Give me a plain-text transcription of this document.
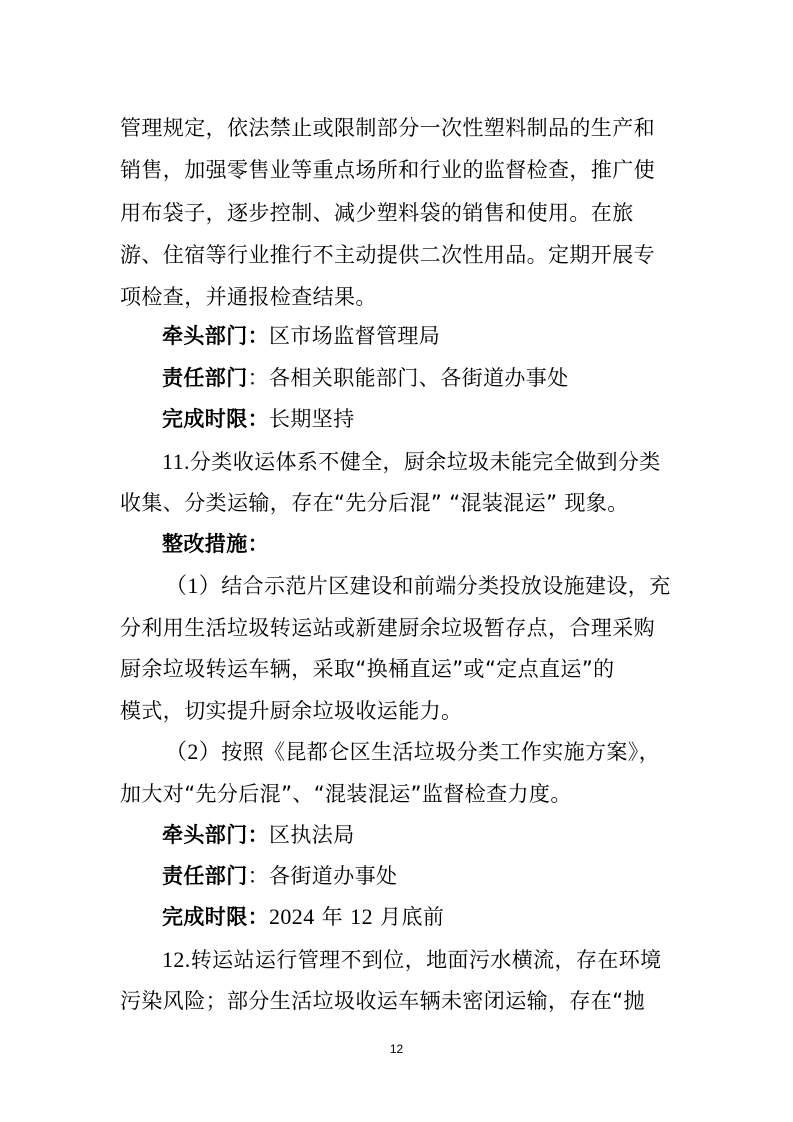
管理规定，依法禁止或限制部分一次性塑料制品的生产和
销售，加强零售业等重点场所和行业的监督检查，推广使
用布袋子，逐步控制、减少塑料袋的销售和使用。在旅
游、住宿等行业推行不主动提供二次性用品。定期开展专
项检查，并通报检查结果。
牵头部门：区市场监督管理局
责任部门：各相关职能部门、各街道办事处
完成时限：长期坚持
11.分类收运体系不健全，厨余垃圾未能完全做到分类
收集、分类运输，存在“先分后混” “混装混运” 现象。
整改措施：
（1）结合示范片区建设和前端分类投放设施建设，充
分利用生活垃圾转运站或新建厨余垃圾暂存点，合理采购
厨余垃圾转运车辆，采取“换桶直运”或“定点直运”的
模式，切实提升厨余垃圾收运能力。
（2）按照《昆都仑区生活垃圾分类工作实施方案》，
加大对“先分后混”、“混装混运”监督检查力度。
牵头部门：区执法局
责任部门：各街道办事处
完成时限：2024 年 12 月底前
12.转运站运行管理不到位，地面污水横流，存在环境
污染风险；部分生活垃圾收运车辆未密闭运输，存在“抛
12
